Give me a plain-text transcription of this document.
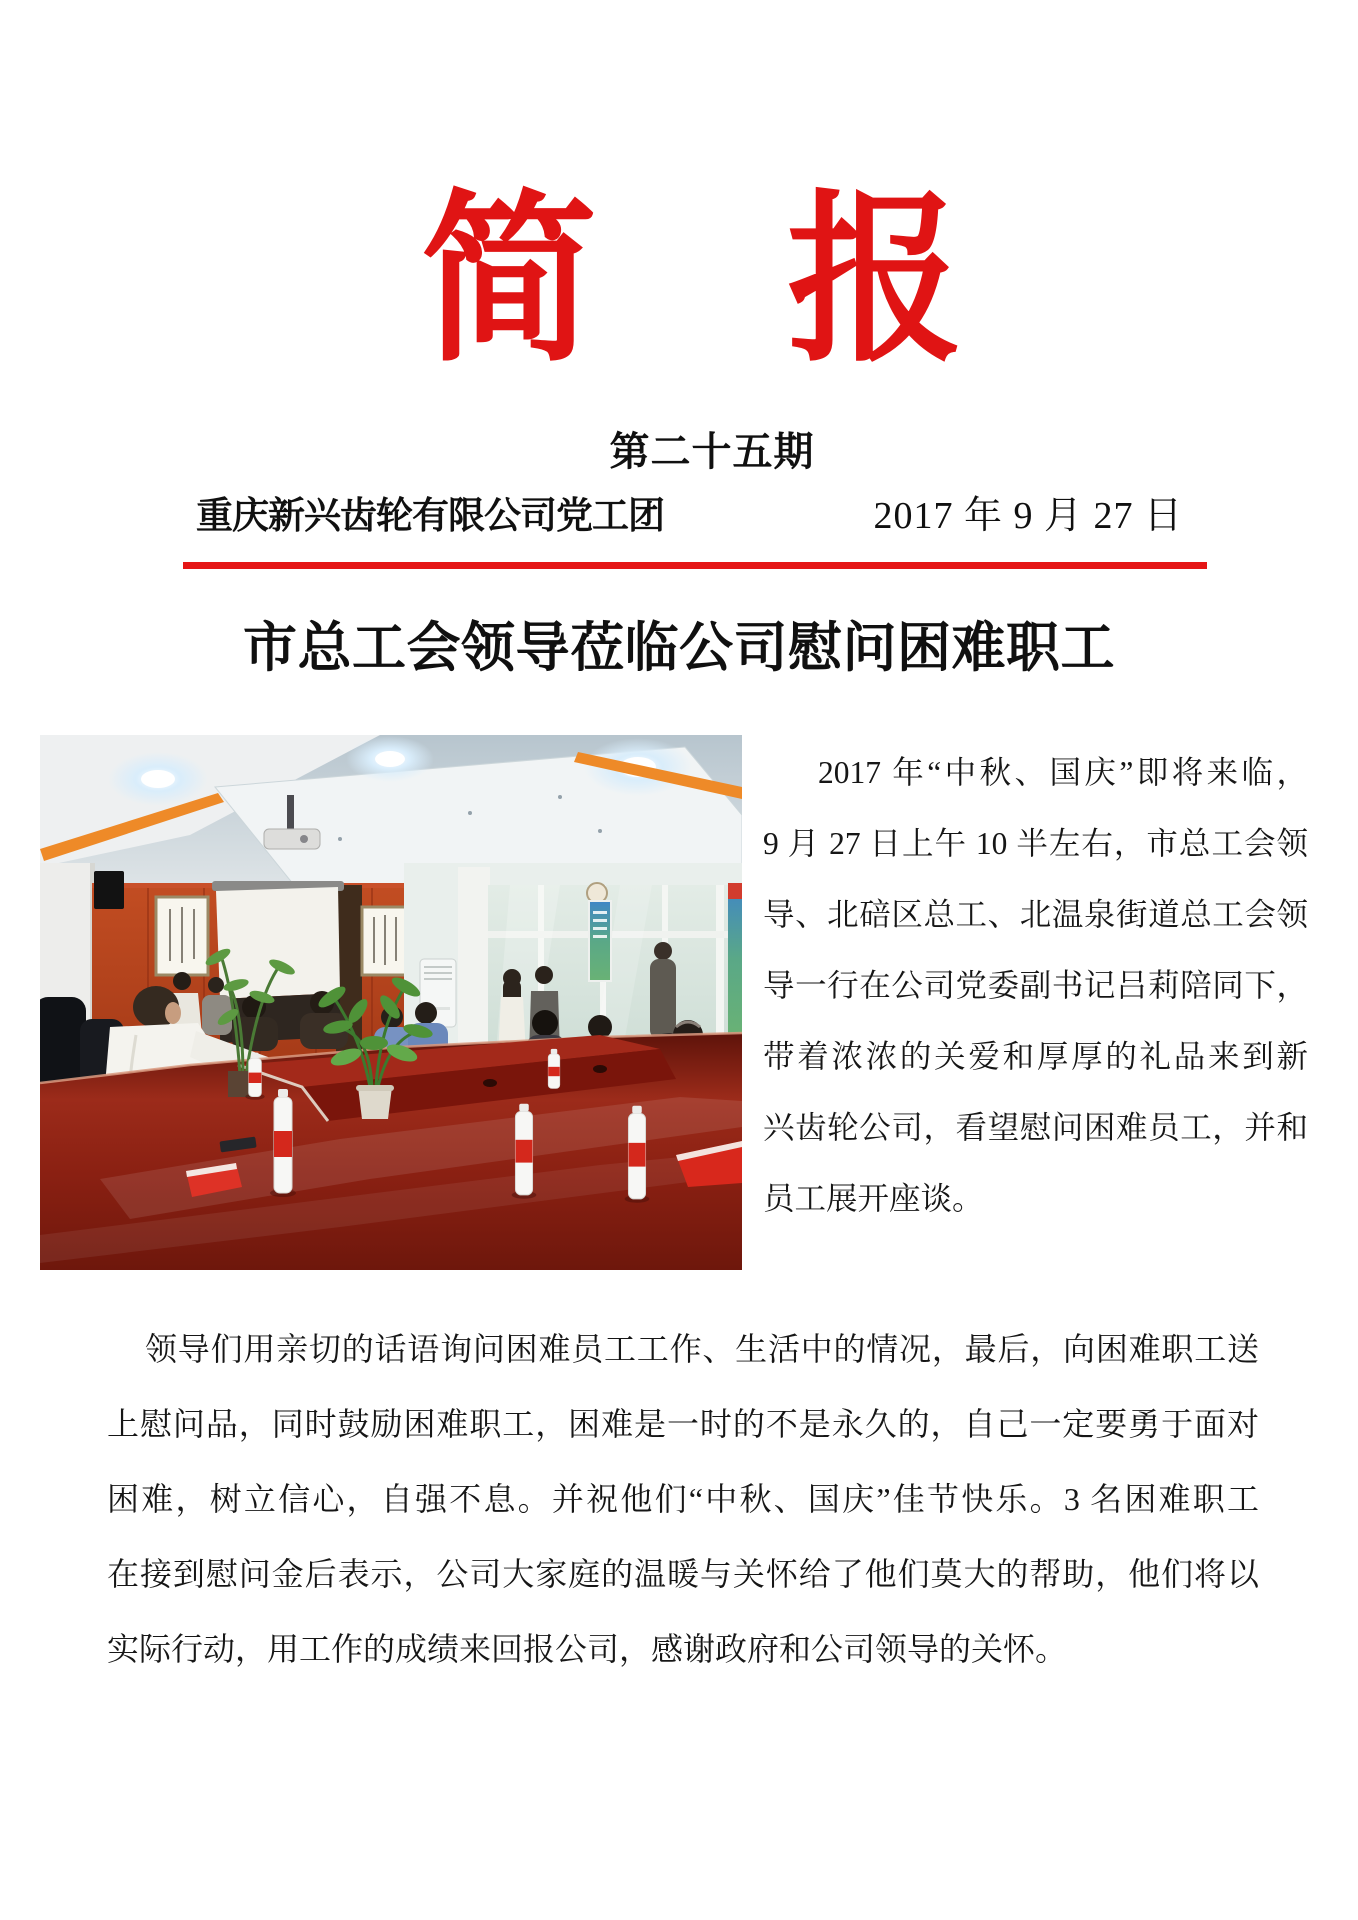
简 报
第二十五期
重庆新兴齿轮有限公司党工团	2017 年 9 月 27 日
市总工会领导莅临公司慰问困难职工
2017 年“中秋、国庆”即将来临，
9 月 27 日上午 10 半左右，市总工会领
导、北碚区总工、北温泉街道总工会领
导一行在公司党委副书记吕莉陪同下，
带着浓浓的关爱和厚厚的礼品来到新
兴齿轮公司，看望慰问困难员工，并和
员工展开座谈。
领导们用亲切的话语询问困难员工工作、生活中的情况，最后，向困难职工送
上慰问品，同时鼓励困难职工，困难是一时的不是永久的，自己一定要勇于面对
困难，树立信心，自强不息。并祝他们“中秋、国庆”佳节快乐。3 名困难职工
在接到慰问金后表示，公司大家庭的温暖与关怀给了他们莫大的帮助，他们将以
实际行动，用工作的成绩来回报公司，感谢政府和公司领导的关怀。
